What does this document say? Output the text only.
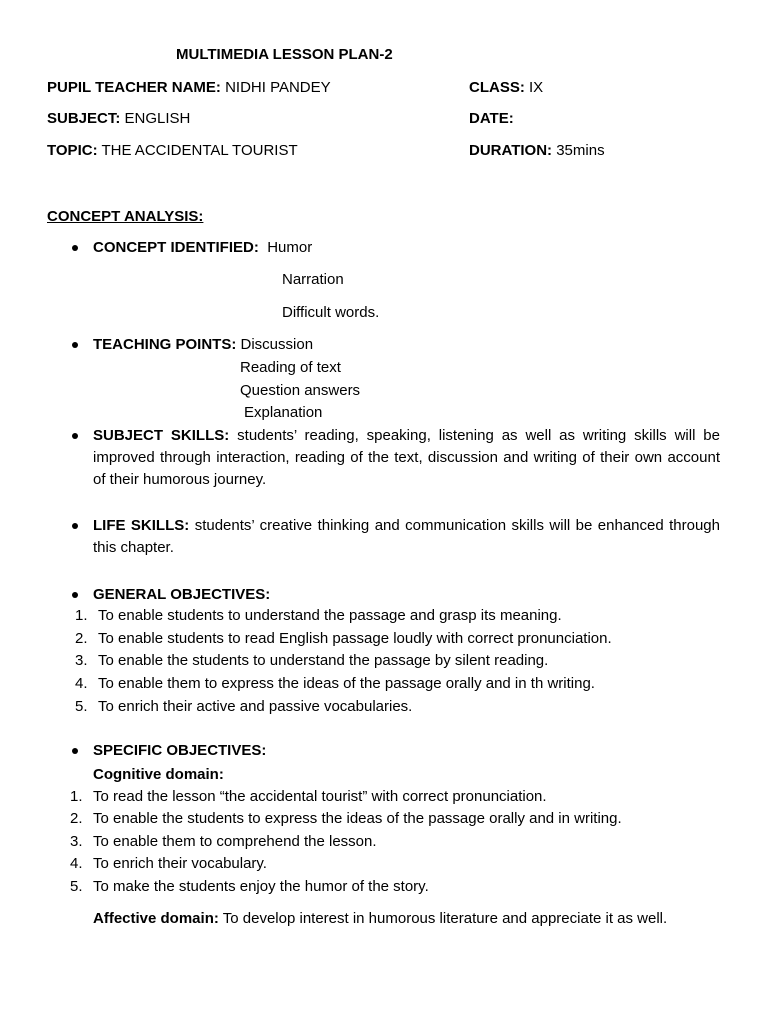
MULTIMEDIA LESSON PLAN-2
PUPIL TEACHER NAME: NIDHI PANDEY	CLASS: IX
SUBJECT: ENGLISH	DATE:
TOPIC: THE ACCIDENTAL TOURIST	DURATION: 35mins
CONCEPT ANALYSIS:
CONCEPT IDENTIFIED: Humor
Narration
Difficult words.
TEACHING POINTS: Discussion
Reading of text
Question answers
Explanation
SUBJECT SKILLS: students’ reading, speaking, listening as well as writing skills will be improved through interaction, reading of the text, discussion and writing of their own account of their humorous journey.
LIFE SKILLS: students’ creative thinking and communication skills will be enhanced through this chapter.
GENERAL OBJECTIVES:
1. To enable students to understand the passage and grasp its meaning.
2. To enable students to read English passage loudly with correct pronunciation.
3. To enable the students to understand the passage by silent reading.
4. To enable them to express the ideas of the passage orally and in th writing.
5. To enrich their active and passive vocabularies.
SPECIFIC OBJECTIVES:
Cognitive domain:
1. To read the lesson “the accidental tourist” with correct pronunciation.
2. To enable the students to express the ideas of the passage orally and in writing.
3. To enable them to comprehend the lesson.
4. To enrich their vocabulary.
5. To make the students enjoy the humor of the story.
Affective domain: To develop interest in humorous literature and appreciate it as well.
